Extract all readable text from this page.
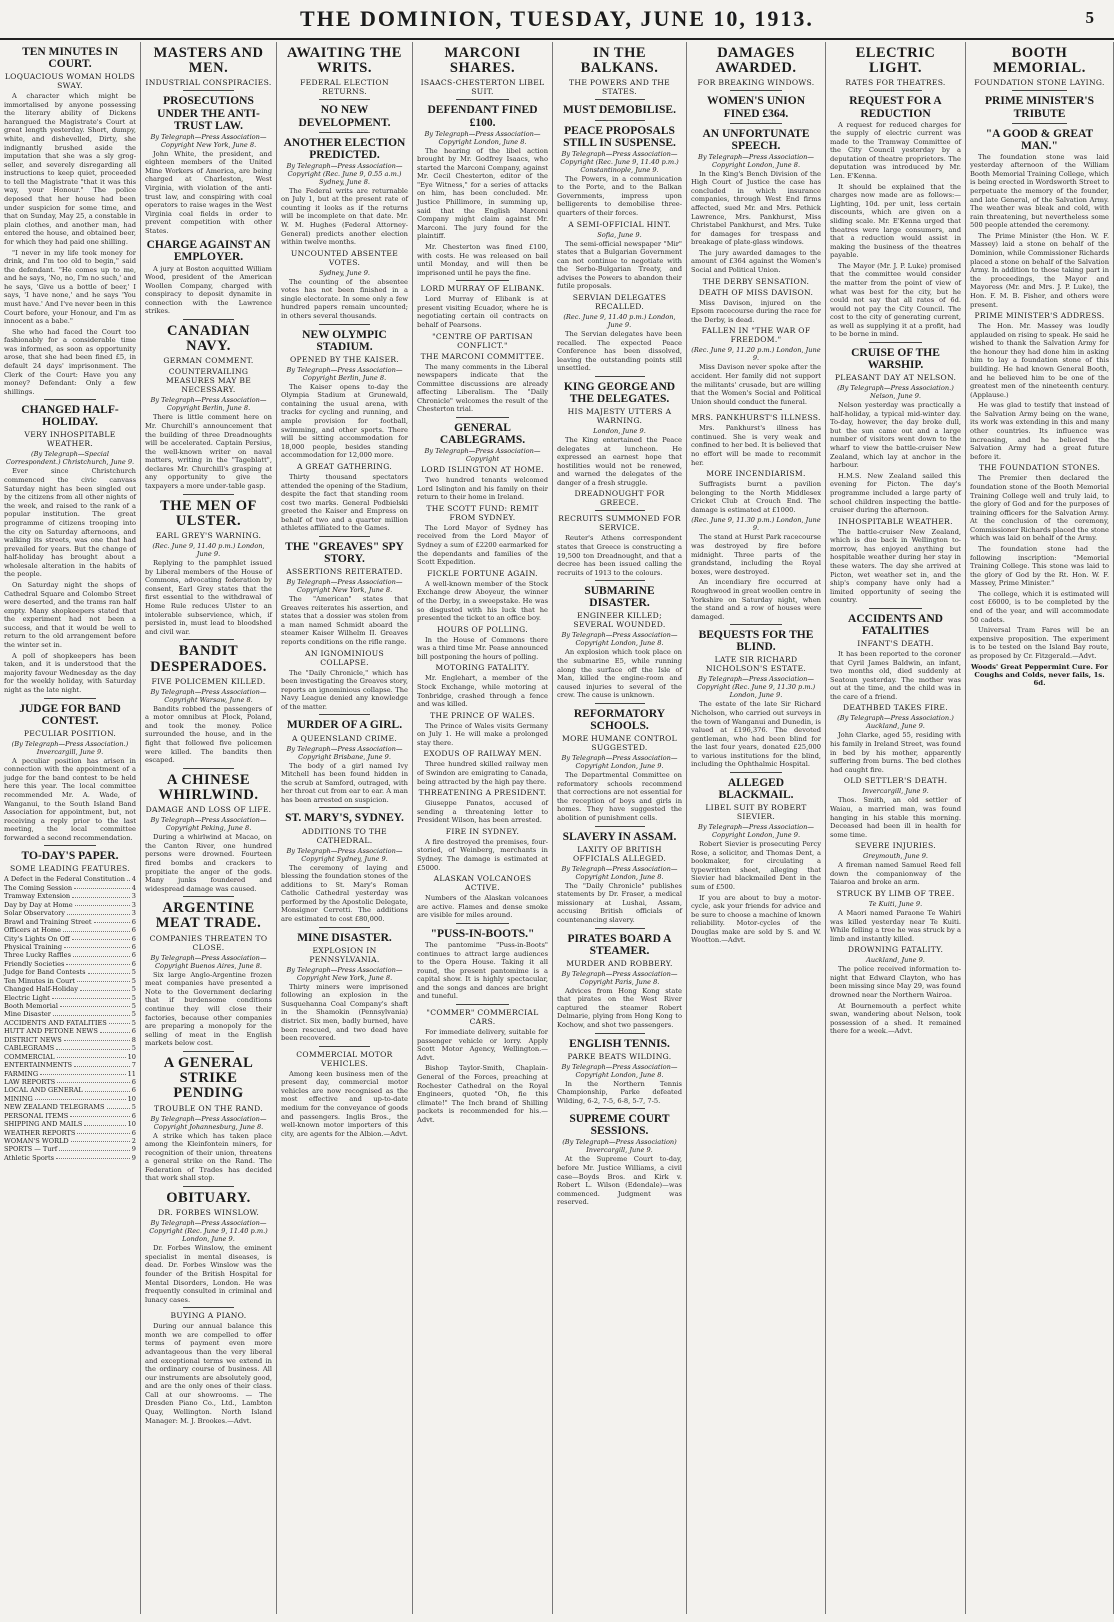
THE DOMINION, TUESDAY, JUNE 10, 1913.	5
TEN MINUTES IN COURT.
LOQUACIOUS WOMAN HOLDS SWAY.

A character which might be immortalised by anyone possessing the literary ability of Dickens harangued the Magistrate's Court at great length yesterday. Short, dumpy, white, and dishevelled, Dirty, she indignantly brushed aside the imputation that she was a sly grog-seller, and severely disregarding all instructions to keep quiet, proceeded to tell the Magistrate "that it was this way, your Honour." The police deposed that her house had been under suspicion for some time, and that on Sunday, May 25, a constable in plain clothes, and another man, had entered the house, and obtained beer, for which they had paid one shilling.

"I never in my life took money for drink, and I'm too old to begin," said the defendant. "He comes up to me, and he says, 'No, no, I'm no such,' and he says, 'Give us a bottle of beer,' I says, 'I have none,' and he says 'You must have.' And I've never been in this Court before, your Honour, and I'm as innocent as a babe."

She who had faced the Court too fashionably for a considerable time was informed, as soon as opportunity arose, that she had been fined £5, in default 24 days' imprisonment. The Clerk of the Court: Have you any money? Defendant: Only a few shillings.

CHANGED HALF-HOLIDAY.
VERY INHOSPITABLE WEATHER.
(By Telegraph—Special Correspondent.) Christchurch, June 9.

Ever since Christchurch commenced the civic canvass Saturday night has been singled out by the citizens from all other nights of the week, and raised to the rank of a popular institution. The great programme of citizens trooping into the city on Saturday afternoons, and walking its streets, was one that had prevailed for years. But the change of half-holiday has brought about a wholesale alteration in the habits of the people.

On Saturday night the shops of Cathedral Square and Colombo Street were deserted, and the trams ran half empty. Many shopkeepers stated that the experiment had not been a success, and that it would be well to return to the old arrangement before the winter set in.

A poll of shopkeepers has been taken, and it is understood that the majority favour Wednesday as the day for the weekly holiday, with Saturday night as the late night.

JUDGE FOR BAND CONTEST.
PECULIAR POSITION.
(By Telegraph—Press Association.) Invercargill, June 9.

A peculiar position has arisen in connection with the appointment of a judge for the band contest to be held here this year. The local committee recommended Mr. A. Wade, of Wanganui, to the South Island Band Association for appointment, but, not receiving a reply prior to the last meeting, the local committee forwarded a second recommendation.

TO-DAY'S PAPER.
SOME LEADING FEATURES.
A Defect in the Federal Constitution 4
The Coming Session	4
Tramway Extension	3
Day by Day at Home	3
Solar Observatory	3
Brawl and Training Street	6
Officers at Home	6
City's Lights On Off	6
Physical Training	6
Three Lucky Raffles	6
Friendly Societies	6
Judge for Band Contests	5
Ten Minutes in Court	5
Changed Half-Holiday	5
Electric Light	5
Booth Memorial	5
Mine Disaster	5
ACCIDENTS AND FATALITIES	5
HUTT AND PETONE NEWS	6
DISTRICT NEWS	8
CABLEGRAMS	5
COMMERCIAL	10
ENTERTAINMENTS	7
FARMING	11
LAW REPORTS	6
LOCAL AND GENERAL	6
MINING	10
NEW ZEALAND TELEGRAMS	5
PERSONAL ITEMS	6
SHIPPING AND MAILS	10
WEATHER REPORTS	6
WOMAN'S WORLD	2
SPORTS — Turf	9
Athletic Sports	9
MASTERS AND MEN.
INDUSTRIAL CONSPIRACIES.
PROSECUTIONS UNDER THE ANTI-TRUST LAW.
By Telegraph—Press Association—Copyright New York, June 8.

John White, the president, and eighteen members of the United Mine Workers of America, are being charged at Charleston, West Virginia, with violation of the anti-trust law, and conspiring with coal operators to raise wages in the West Virginia coal fields in order to prevent competition with other States.

CHARGE AGAINST AN EMPLOYER.

A jury at Boston acquitted William Wood, president of the American Woollen Company, charged with conspiracy to deposit dynamite in connection with the Lawrence strikes.

CANADIAN NAVY.
GERMAN COMMENT.
COUNTERVAILING MEASURES MAY BE NECESSARY.
By Telegraph—Press Association—Copyright Berlin, June 8.

There is little comment here on Mr. Churchill's announcement that the building of three Dreadnoughts will be accelerated. Captain Persius, the well-known writer on naval matters, writing in the "Tageblatt", declares Mr. Churchill's grasping at any opportunity to give the taxpayers a more under-table gasp.

THE MEN OF ULSTER.
EARL GREY'S WARNING.
(Rec. June 9, 11.40 p.m.) London, June 9.

Replying to the pamphlet issued by Liberal members of the House of Commons, advocating federation by consent, Earl Grey states that the first essential to the withdrawal of Home Rule reduces Ulster to an intolerable subservience, which, if persisted in, must lead to bloodshed and civil war.

BANDIT DESPERADOES.
FIVE POLICEMEN KILLED.
By Telegraph—Press Association—Copyright Warsaw, June 8.

Bandits robbed the passengers of a motor omnibus at Plock, Poland, and took the money. Police surrounded the house, and in the fight that followed five policemen were killed. The bandits then escaped.

A CHINESE WHIRLWIND.
DAMAGE AND LOSS OF LIFE.
By Telegraph—Press Association—Copyright Peking, June 8.

During a whirlwind at Macao, on the Canton River, one hundred persons were drowned. Fourteen fired bombs and crackers to propitiate the anger of the gods. Many junks foundered and widespread damage was caused.

ARGENTINE MEAT TRADE.
COMPANIES THREATEN TO CLOSE.
By Telegraph—Press Association—Copyright Buenos Aires, June 8.

Six large Anglo-Argentine frozen meat companies have presented a Note to the Government declaring that if burdensome conditions continue they will close their factories, because other companies are preparing a monopoly for the selling of meat in the English markets below cost.

A GENERAL STRIKE PENDING
TROUBLE ON THE RAND.
By Telegraph—Press Association—Copyright Johannesburg, June 8.

A strike which has taken place among the Kleinfontein miners, for recognition of their union, threatens a general strike on the Rand. The Federation of Trades has decided that work shall stop.

OBITUARY.
DR. FORBES WINSLOW.
By Telegraph—Press Association—Copyright (Rec. June 9, 11.40 p.m.) London, June 9.

Dr. Forbes Winslow, the eminent specialist in mental diseases, is dead. Dr. Forbes Winslow was the founder of the British Hospital for Mental Disorders, London. He was frequently consulted in criminal and lunacy cases.

BUYING A PIANO.

During our annual balance this month we are compelled to offer terms of payment even more advantageous than the very liberal and exceptional terms we extend in the ordinary course of business. All our instruments are absolutely good, and are the only ones of their class. Call at our showrooms. — The Dresden Piano Co., Ltd., Lambton Quay, Wellington. North Island Manager: M. J. Brookes.—Advt.

AWAITING THE WRITS.
FEDERAL ELECTION RETURNS.
NO NEW DEVELOPMENT.
ANOTHER ELECTION PREDICTED.
By Telegraph—Press Association—Copyright (Rec. June 9, 0.55 a.m.) Sydney, June 8.

The Federal writs are returnable on July 1, but at the present rate of counting it looks as if the returns will be incomplete on that date. Mr. W. M. Hughes (Federal Attorney-General) predicts another election within twelve months.

UNCOUNTED ABSENTEE VOTES.
Sydney, June 9.

The counting of the absentee votes has not been finished in a single electorate. In some only a few hundred papers remain uncounted; in others several thousands.

NEW OLYMPIC STADIUM.
OPENED BY THE KAISER.
By Telegraph—Press Association—Copyright Berlin, June 8.

The Kaiser opens to-day the Olympia Stadium at Grunewald, containing the usual arena, with tracks for cycling and running, and ample provision for football, swimming, and other sports. There will be sitting accommodation for 18,000 people, besides standing accommodation for 12,000 more.

A GREAT GATHERING.

Thirty thousand spectators attended the opening of the Stadium, despite the fact that standing room cost two marks. General Podbielski greeted the Kaiser and Empress on behalf of two and a quarter million athletes affiliated to the Games.

THE "GREAVES" SPY STORY.
ASSERTIONS REITERATED.
By Telegraph—Press Association—Copyright New York, June 8.

The "American" states that Greaves reiterates his assertion, and states that a dossier was stolen from a man named Schmidt aboard the steamer Kaiser Wilhelm II. Greaves reports conditions on the rifle range.

AN IGNOMINIOUS COLLAPSE.

The "Daily Chronicle," which has been investigating the Greaves story, reports an ignominious collapse. The Navy League denied any knowledge of the matter.

MURDER OF A GIRL.
A QUEENSLAND CRIME.
By Telegraph—Press Association—Copyright Brisbane, June 9.

The body of a girl named Ivy Mitchell has been found hidden in the scrub at Samford, outraged, with her throat cut from ear to ear. A man has been arrested on suspicion.

ST. MARY'S, SYDNEY.
ADDITIONS TO THE CATHEDRAL.
By Telegraph—Press Association—Copyright Sydney, June 9.

The ceremony of laying and blessing the foundation stones of the additions to St. Mary's Roman Catholic Cathedral yesterday was performed by the Apostolic Delegate, Monsignor Cerretti. The additions are estimated to cost £80,000.

MINE DISASTER.
EXPLOSION IN PENNSYLVANIA.
By Telegraph—Press Association—Copyright New York, June 8.

Thirty miners were imprisoned following an explosion in the Susquehanna Coal Company's shaft in the Shamokin (Pennsylvania) district. Six men, badly burned, have been rescued, and two dead have been recovered.

COMMERCIAL MOTOR VEHICLES.

Among keen business men of the present day, commercial motor vehicles are now recognised as the most effective and up-to-date medium for the conveyance of goods and passengers. Inglis Bros., the well-known motor importers of this city, are agents for the Albion.—Advt.

MARCONI SHARES.
ISAACS-CHESTERTON LIBEL SUIT.
DEFENDANT FINED £100.
By Telegraph—Press Association—Copyright London, June 8.

The hearing of the libel action brought by Mr. Godfrey Isaacs, who started the Marconi Company, against Mr. Cecil Chesterton, editor of the "Eye Witness," for a series of attacks on him, has been concluded. Mr. Justice Phillimore, in summing up, said that the English Marconi Company might claim against Mr. Marconi. The jury found for the plaintiff.

Mr. Chesterton was fined £100, with costs. He was released on bail until Monday, and will then be imprisoned until he pays the fine.

LORD MURRAY OF ELIBANK.

Lord Murray of Elibank is at present visiting Ecuador, where he is negotiating certain oil contracts on behalf of Pearsons.

"CENTRE OF PARTISAN CONFLICT."
THE MARCONI COMMITTEE.

The many comments in the Liberal newspapers indicate that the Committee discussions are already affecting Liberalism. The "Daily Chronicle" welcomes the result of the Chesterton trial.

GENERAL CABLEGRAMS.
By Telegraph—Press Association—Copyright
LORD ISLINGTON AT HOME.

Two hundred tenants welcomed Lord Islington and his family on their return to their home in Ireland.

THE SCOTT FUND: REMIT FROM SYDNEY.

The Lord Mayor of Sydney has received from the Lord Mayor of Sydney a sum of £2200 earmarked for the dependants and families of the Scott Expedition.

FICKLE FORTUNE AGAIN.

A well-known member of the Stock Exchange drew Aboyeur, the winner of the Derby, in a sweepstake. He was so disgusted with his luck that he presented the ticket to an office boy.

HOURS OF POLLING.

In the House of Commons there was a third time Mr. Pease announced bill postponing the hours of polling.

MOTORING FATALITY.

Mr. Englehart, a member of the Stock Exchange, while motoring at Tonbridge, crashed through a fence and was killed.

THE PRINCE OF WALES.

The Prince of Wales visits Germany on July 1. He will make a prolonged stay there.

EXODUS OF RAILWAY MEN.

Three hundred skilled railway men of Swindon are emigrating to Canada, being attracted by the high pay there.

THREATENING A PRESIDENT.

Giuseppe Panatos, accused of sending a threatening letter to President Wilson, has been arrested.

FIRE IN SYDNEY.

A fire destroyed the premises, four-storied, of Weinberg, merchants in Sydney. The damage is estimated at £5000.

ALASKAN VOLCANOES ACTIVE.

Numbers of the Alaskan volcanoes are active. Flames and dense smoke are visible for miles around.

"PUSS-IN-BOOTS."

The pantomime "Puss-in-Boots" continues to attract large audiences to the Opera House. Taking it all round, the present pantomime is a capital show. It is highly spectacular, and the songs and dances are bright and tuneful.

"COMMER" COMMERCIAL CARS.

For immediate delivery, suitable for passenger vehicle or lorry. Apply Scott Motor Agency, Wellington.—Advt.

Bishop Taylor-Smith, Chaplain-General of the Forces, preaching at Rochester Cathedral on the Royal Engineers, quoted "Oh, fie this climate!" The Inch brand of Shilling packets is recommended for his.—Advt.

IN THE BALKANS.
THE POWERS AND THE STATES.
MUST DEMOBILISE.
PEACE PROPOSALS STILL IN SUSPENSE.
By Telegraph—Press Association—Copyright (Rec. June 9, 11.40 p.m.) Constantinople, June 9.

The Powers, in a communication to the Porte, and to the Balkan Governments, impress upon belligerents to demobilise three-quarters of their forces.

A SEMI-OFFICIAL HINT.
Sofia, June 9.

The semi-official newspaper "Mir" states that a Bulgarian Government can not continue to negotiate with the Serbo-Bulgarian Treaty, and advises the Powers to abandon their futile proposals.

SERVIAN DELEGATES RECALLED.
(Rec. June 9, 11.40 p.m.) London, June 9.

The Servian delegates have been recalled. The expected Peace Conference has been dissolved, leaving the outstanding points still unsettled.

KING GEORGE AND THE DELEGATES.
HIS MAJESTY UTTERS A WARNING.
London, June 9.

The King entertained the Peace delegates at luncheon. He expressed an earnest hope that hostilities would not be renewed, and warned the delegates of the danger of a fresh struggle.

DREADNOUGHT FOR GREECE.
RECRUITS SUMMONED FOR SERVICE.

Reuter's Athens correspondent states that Greece is constructing a 19,500 ton Dreadnought, and that a decree has been issued calling the recruits of 1913 to the colours.

SUBMARINE DISASTER.
ENGINEER KILLED; SEVERAL WOUNDED.
By Telegraph—Press Association—Copyright London, June 8.

An explosion which took place on the submarine E5, while running along the surface off the Isle of Man, killed the engine-room and caused injuries to several of the crew. The cause is unknown.

REFORMATORY SCHOOLS.
MORE HUMANE CONTROL SUGGESTED.
By Telegraph—Press Association—Copyright London, June 9.

The Departmental Committee on reformatory schools recommend that corrections are not essential for the reception of boys and girls in homes. They have suggested the abolition of punishment cells.

SLAVERY IN ASSAM.
LAXITY OF BRITISH OFFICIALS ALLEGED.
By Telegraph—Press Association—Copyright London, June 8.

The "Daily Chronicle" publishes statements by Dr. Fraser, a medical missionary at Lushai, Assam, accusing British officials of countenancing slavery.

PIRATES BOARD A STEAMER.
MURDER AND ROBBERY.
By Telegraph—Press Association—Copyright Paris, June 8.

Advices from Hong Kong state that pirates on the West River captured the steamer Robert Delmarie, plying from Hong Kong to Kochow, and shot two passengers.

ENGLISH TENNIS.
PARKE BEATS WILDING.
By Telegraph—Press Association—Copyright London, June 8.

In the Northern Tennis Championship, Parke defeated Wilding, 6-2, 7-5, 6-8, 5-7, 7-5.

SUPREME COURT SESSIONS.
(By Telegraph—Press Association) Invercargill, June 9.

At the Supreme Court to-day, before Mr. Justice Williams, a civil case—Boyds Bros. and Kirk v. Robert L. Wilson (Edendale)—was commenced. Judgment was reserved.

DAMAGES AWARDED.
FOR BREAKING WINDOWS.
WOMEN'S UNION FINED £364.
AN UNFORTUNATE SPEECH.
By Telegraph—Press Association—Copyright London, June 8.

In the King's Bench Division of the High Court of Justice the case has concluded in which insurance companies, through West End firms affected, sued Mr. and Mrs. Pethick Lawrence, Mrs. Pankhurst, Miss Christabel Pankhurst, and Mrs. Tuke for damages for trespass and breakage of plate-glass windows.

The jury awarded damages to the amount of £364 against the Women's Social and Political Union.

THE DERBY SENSATION.
DEATH OF MISS DAVISON.

Miss Davison, injured on the Epsom racecourse during the race for the Derby, is dead.

FALLEN IN "THE WAR OF FREEDOM."
(Rec. June 9, 11.20 p.m.) London, June 9.

Miss Davison never spoke after the accident. Her family did not support the militants' crusade, but are willing that the Women's Social and Political Union should conduct the funeral.

MRS. PANKHURST'S ILLNESS.

Mrs. Pankhurst's illness has continued. She is very weak and confined to her bed. It is believed that no effort will be made to recommit her.

MORE INCENDIARISM.

Suffragists burnt a pavilion belonging to the North Middlesex Cricket Club at Crouch End. The damage is estimated at £1000.

(Rec. June 9, 11.30 p.m.) London, June 9.

The stand at Hurst Park racecourse was destroyed by fire before midnight. Three parts of the grandstand, including the Royal boxes, were destroyed.

An incendiary fire occurred at Roughwood in great woollen centre in Yorkshire on Saturday night, when the stand and a row of houses were damaged.

BEQUESTS FOR THE BLIND.
LATE SIR RICHARD NICHOLSON'S ESTATE.
By Telegraph—Press Association—Copyright (Rec. June 9, 11.30 p.m.) London, June 9.

The estate of the late Sir Richard Nicholson, who carried out surveys in the town of Wanganui and Dunedin, is valued at £196,376. The devoted gentleman, who had been blind for the last four years, donated £25,000 to various institutions for the blind, including the Ophthalmic Hospital.

ALLEGED BLACKMAIL.
LIBEL SUIT BY ROBERT SIEVIER.
By Telegraph—Press Association—Copyright London, June 9.

Robert Sievier is prosecuting Percy Rose, a solicitor, and Thomas Dent, a bookmaker, for circulating a typewritten sheet, alleging that Sievier had blackmailed Dent in the sum of £500.

If you are about to buy a motor-cycle, ask your friends for advice and be sure to choose a machine of known reliability. Motor-cycles of the Douglas make are sold by S. and W. Wootton.—Advt.

ELECTRIC LIGHT.
RATES FOR THEATRES.
REQUEST FOR A REDUCTION

A request for reduced charges for the supply of electric current was made to the Tramway Committee of the City Council yesterday by a deputation of theatre proprietors. The deputation was introduced by Mr. Len. E'Kenna.

It should be explained that the charges now made are as follows:—Lighting, 10d. per unit, less certain discounts, which are given on a sliding scale. Mr. E'Kenna urged that theatres were large consumers, and that a reduction would assist in making the business of the theatres payable.

The Mayor (Mr. J. P. Luke) promised that the committee would consider the matter from the point of view of what was best for the city, but he could not say that all rates of 6d. would not pay the City Council. The cost to the city of generating current, as well as supplying it at a profit, had to be borne in mind.

CRUISE OF THE WARSHIP.
PLEASANT DAY AT NELSON.
(By Telegraph—Press Association.) Nelson, June 9.

Nelson yesterday was practically a half-holiday, a typical mid-winter day. To-day, however, the day broke dull, but the sun came out and a large number of visitors went down to the wharf to view the battle-cruiser New Zealand, which lay at anchor in the harbour.

H.M.S. New Zealand sailed this evening for Picton. The day's programme included a large party of school children inspecting the battle-cruiser during the afternoon.

INHOSPITABLE WEATHER.

The battle-cruiser New Zealand, which is due back in Wellington to-morrow, has enjoyed anything but hospitable weather during her stay in these waters. The day she arrived at Picton, wet weather set in, and the ship's company have only had a limited opportunity of seeing the country.

ACCIDENTS AND FATALITIES
INFANT'S DEATH.

It has been reported to the coroner that Cyril James Baldwin, an infant, two months old, died suddenly at Seatoun yesterday. The mother was out at the time, and the child was in the care of a friend.

DEATHBED TAKES FIRE.
(By Telegraph—Press Association.) Auckland, June 9.

John Clarke, aged 55, residing with his family in Ireland Street, was found in bed by his mother, apparently suffering from burns. The bed clothes had caught fire.

OLD SETTLER'S DEATH.
Invercargill, June 9.

Thos. Smith, an old settler of Waiau, a married man, was found hanging in his stable this morning. Deceased had been ill in health for some time.

SEVERE INJURIES.
Greymouth, June 9.

A fireman named Samuel Reed fell down the companionway of the Taiaroa and broke an arm.

STRUCK BY LIMB OF TREE.
Te Kuiti, June 9.

A Maori named Paraone Te Wahiri was killed yesterday near Te Kuiti. While felling a tree he was struck by a limb and instantly killed.

DROWNING FATALITY.
Auckland, June 9.

The police received information to-night that Edward Clayton, who has been missing since May 29, was found drowned near the Northern Wairoa.

At Bournemouth a perfect white swan, wandering about Nelson, took possession of a shed. It remained there for a week.—Advt.

BOOTH MEMORIAL.
FOUNDATION STONE LAYING.
PRIME MINISTER'S TRIBUTE
"A GOOD & GREAT MAN."

The foundation stone was laid yesterday afternoon of the William Booth Memorial Training College, which is being erected in Wordsworth Street to perpetuate the memory of the founder, and late General, of the Salvation Army. The weather was bleak and cold, with rain threatening, but nevertheless some 500 people attended the ceremony.

The Prime Minister (the Hon. W. F. Massey) laid a stone on behalf of the Dominion, while Commissioner Richards placed a stone on behalf of the Salvation Army. In addition to those taking part in the proceedings, the Mayor and Mayoress (Mr. and Mrs. J. P. Luke), the Hon. F. M. B. Fisher, and others were present.

PRIME MINISTER'S ADDRESS.

The Hon. Mr. Massey was loudly applauded on rising to speak. He said he wished to thank the Salvation Army for the honour they had done him in asking him to lay a foundation stone of this building. He had known General Booth, and he believed him to be one of the greatest men of the nineteenth century. (Applause.)

He was glad to testify that instead of the Salvation Army being on the wane, its work was extending in this and many other countries. Its influence was increasing, and he believed the Salvation Army had a great future before it.

THE FOUNDATION STONES.

The Premier then declared the foundation stone of the Booth Memorial Training College well and truly laid, to the glory of God and for the purposes of training officers for the Salvation Army. At the conclusion of the ceremony, Commissioner Richards placed the stone which was laid on behalf of the Army.

The foundation stone had the following inscription: "Memorial Training College. This stone was laid to the glory of God by the Rt. Hon. W. F. Massey, Prime Minister."

The college, which it is estimated will cost £6000, is to be completed by the end of the year, and will accommodate 50 cadets.

Universal Tram Fares will be an expensive proposition. The experiment is to be tested on the Island Bay route, as proposed by Cr. Fitzgerald.—Advt.

Woods' Great Peppermint Cure. For Coughs and Colds, never fails, 1s. 6d.
